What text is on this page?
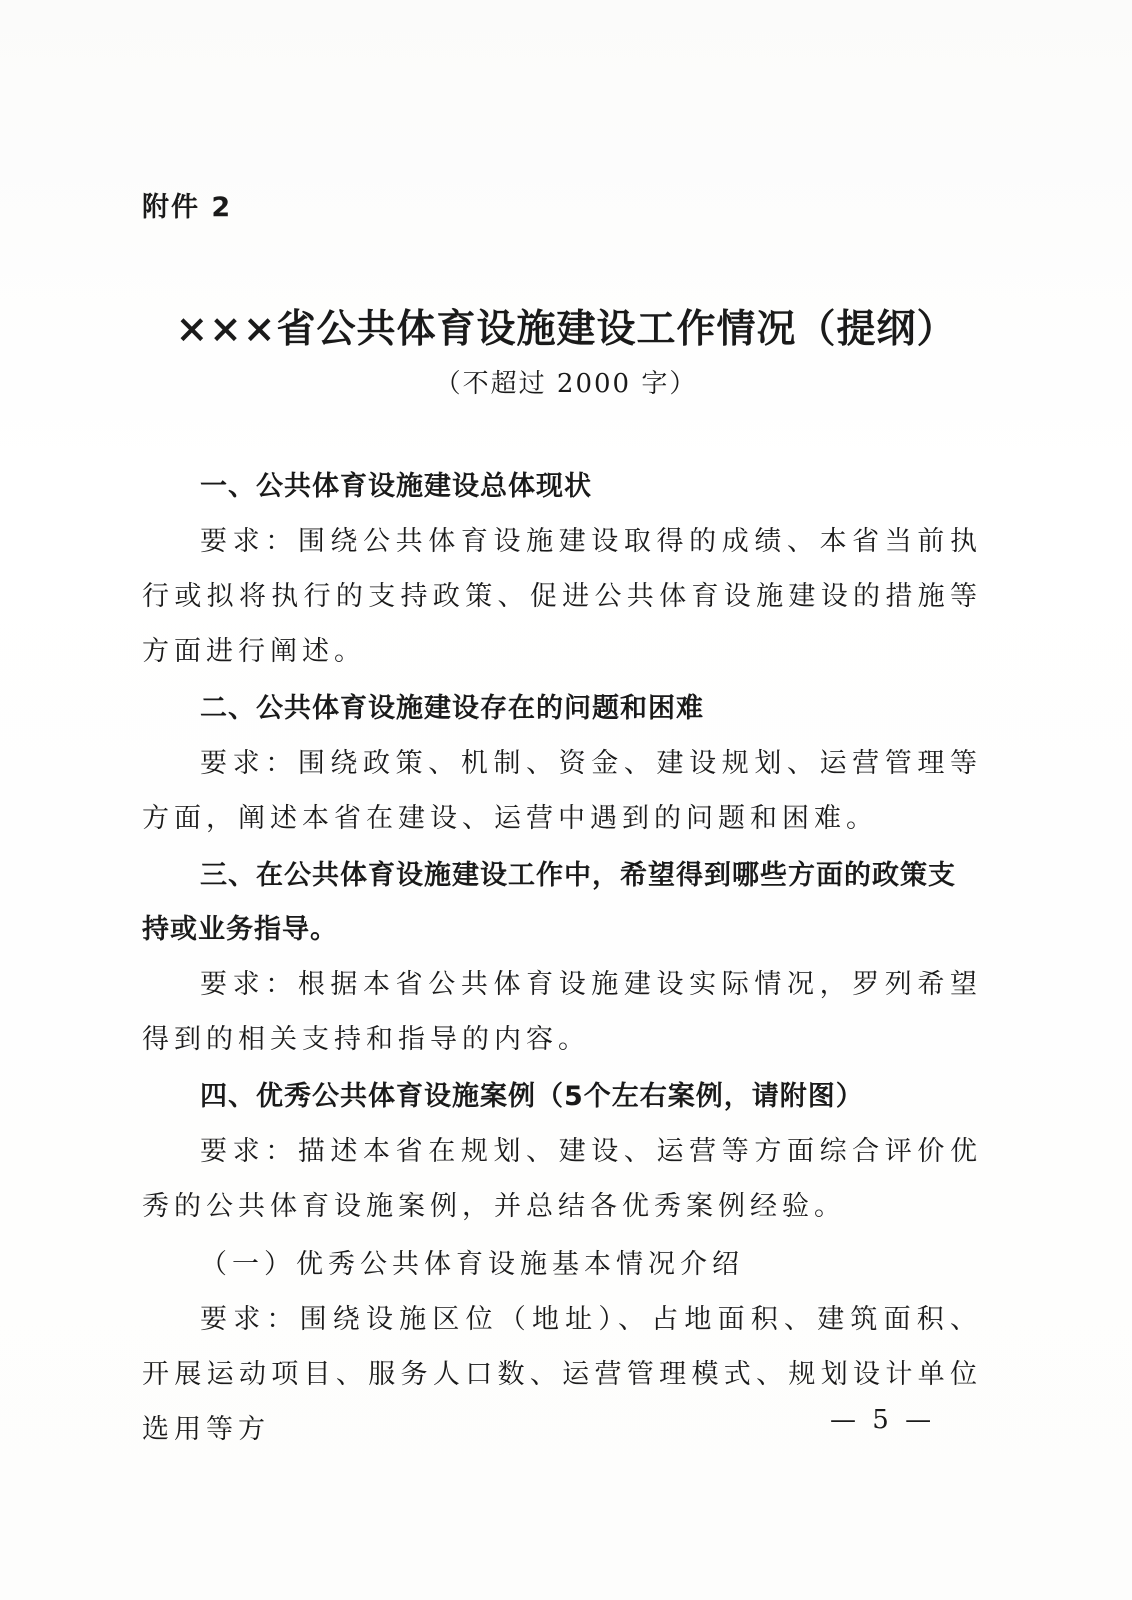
附件 2
×××省公共体育设施建设工作情况（提纲）
（不超过 2000 字）

一、公共体育设施建设总体现状

要求：围绕公共体育设施建设取得的成绩、本省当前执行或拟将执行的支持政策、促进公共体育设施建设的措施等方面进行阐述。

二、公共体育设施建设存在的问题和困难

要求：围绕政策、机制、资金、建设规划、运营管理等方面，阐述本省在建设、运营中遇到的问题和困难。

三、在公共体育设施建设工作中，希望得到哪些方面的政策支持或业务指导。

要求：根据本省公共体育设施建设实际情况，罗列希望得到的相关支持和指导的内容。

四、优秀公共体育设施案例（5个左右案例，请附图）

要求：描述本省在规划、建设、运营等方面综合评价优秀的公共体育设施案例，并总结各优秀案例经验。

（一）优秀公共体育设施基本情况介绍

要求：围绕设施区位（地址）、占地面积、建筑面积、开展运动项目、服务人口数、运营管理模式、规划设计单位选用等方	— 5 —
